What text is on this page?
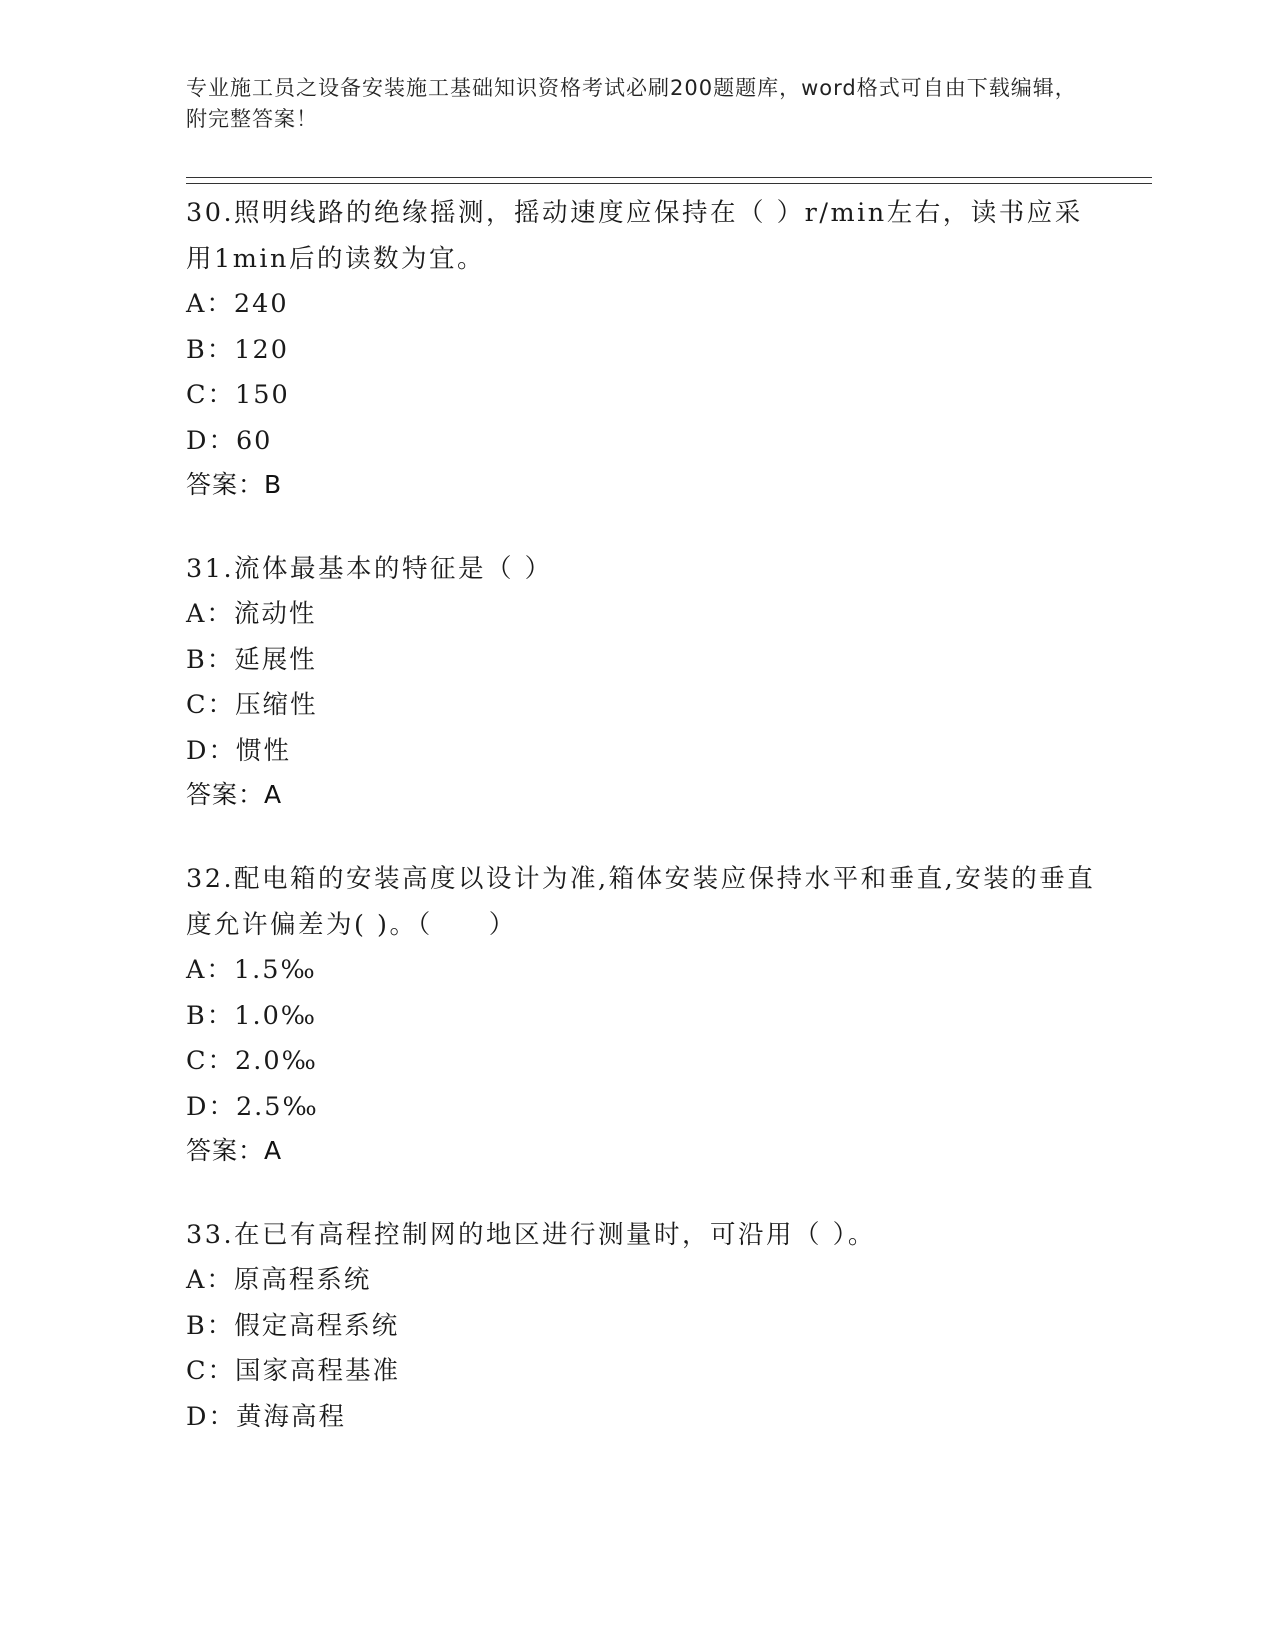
专业施工员之设备安装施工基础知识资格考试必刷200题题库，word格式可自由下载编辑，附完整答案！
30.照明线路的绝缘摇测，摇动速度应保持在（ ）r/min左右，读书应采用1min后的读数为宜。
A：240
B：120
C：150
D：60
答案：B
31.流体最基本的特征是（ ）
A：流动性
B：延展性
C：压缩性
D：惯性
答案：A
32.配电箱的安装高度以设计为准,箱体安装应保持水平和垂直,安装的垂直度允许偏差为( )。（　　）
A：1.5‰
B：1.0‰
C：2.0‰
D：2.5‰
答案：A
33.在已有高程控制网的地区进行测量时，可沿用（ ）。
A：原高程系统
B：假定高程系统
C：国家高程基准
D：黄海高程
